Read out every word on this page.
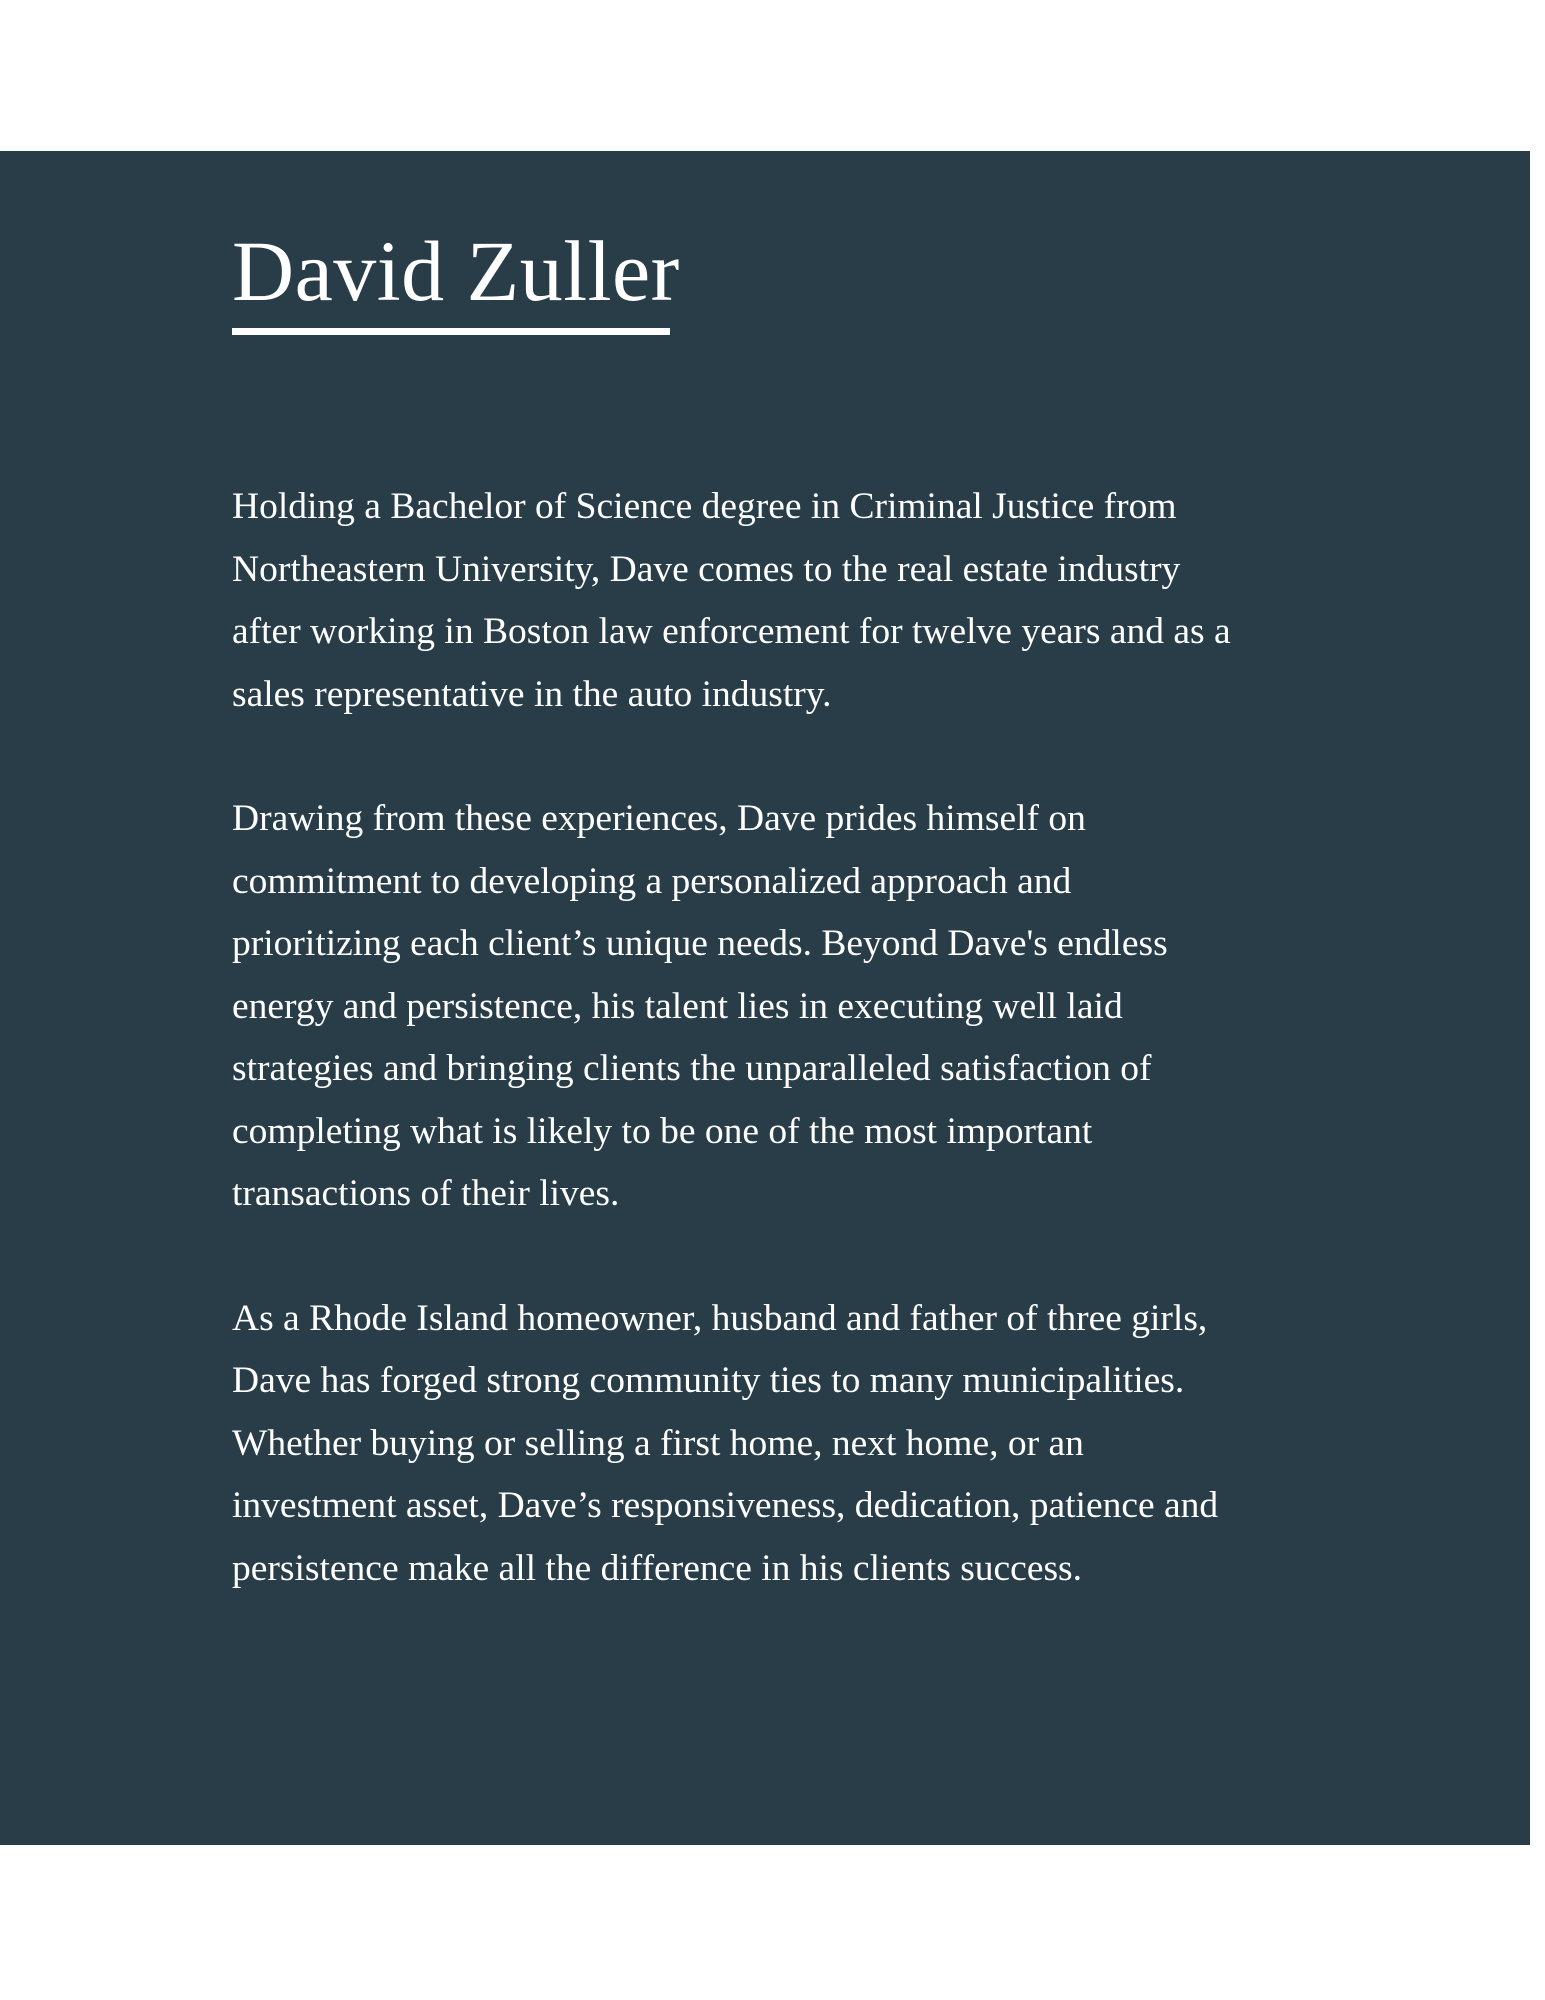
David Zuller

Holding a Bachelor of Science degree in Criminal Justice from
Northeastern University, Dave comes to the real estate industry
after working in Boston law enforcement for twelve years and as a
sales representative in the auto industry.

Drawing from these experiences, Dave prides himself on
commitment to developing a personalized approach and
prioritizing each client’s unique needs. Beyond Dave's endless
energy and persistence, his talent lies in executing well laid
strategies and bringing clients the unparalleled satisfaction of
completing what is likely to be one of the most important
transactions of their lives.

As a Rhode Island homeowner, husband and father of three girls,
Dave has forged strong community ties to many municipalities.
Whether buying or selling a first home, next home, or an
investment asset, Dave’s responsiveness, dedication, patience and
persistence make all the difference in his clients success.
